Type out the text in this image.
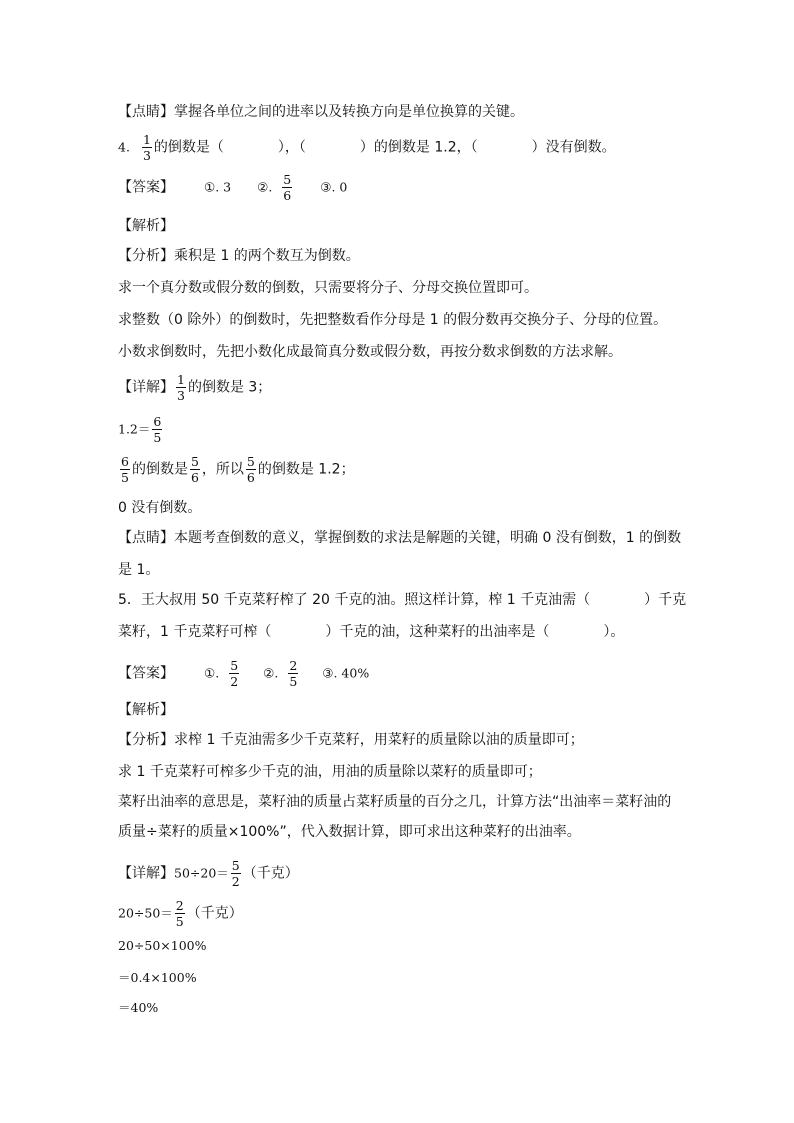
【点睛】掌握各单位之间的进率以及转换方向是单位换算的关键。
4. $\frac{1}{3}$ 的倒数是（	），（	）的倒数是 1.2，（	）没有倒数。
【答案】 ①. 3 ②. $\frac{5}{6}$ ③. 0
【解析】
【分析】乘积是 1 的两个数互为倒数。
求一个真分数或假分数的倒数，只需要将分子、分母交换位置即可。
求整数（0 除外）的倒数时，先把整数看作分母是 1 的假分数再交换分子、分母的位置。
小数求倒数时，先把小数化成最简真分数或假分数，再按分数求倒数的方法求解。
【详解】 $\frac{1}{3}$ 的倒数是 3；
$1.2= \frac{6}{5}$
$\frac{6}{5}$ 的倒数是 $\frac{5}{6}$ ，所以 $\frac{5}{6}$ 的倒数是 1.2；
0 没有倒数。
【点睛】本题考查倒数的意义，掌握倒数的求法是解题的关键，明确 0 没有倒数，1 的倒数
是 1。
5．王大叔用 50 千克菜籽榨了 20 千克的油。照这样计算，榨 1 千克油需（	）千克
菜籽，1 千克菜籽可榨（	）千克的油，这种菜籽的出油率是（	）。
【答案】 ①. $\frac{5}{2}$ ②. $\frac{2}{5}$ ③. 40%
【解析】
【分析】求榨 1 千克油需多少千克菜籽，用菜籽的质量除以油的质量即可；
求 1 千克菜籽可榨多少千克的油，用油的质量除以菜籽的质量即可；
菜籽出油率的意思是，菜籽油的质量占菜籽质量的百分之几，计算方法“出油率＝菜籽油的
质量÷菜籽的质量×100%”，代入数据计算，即可求出这种菜籽的出油率。
【详解】$50\div 20= \frac{5}{2}$ （千克）
$20\div 50= \frac{2}{5}$ （千克）
20÷50×100%
＝0.4×100%
＝40%
